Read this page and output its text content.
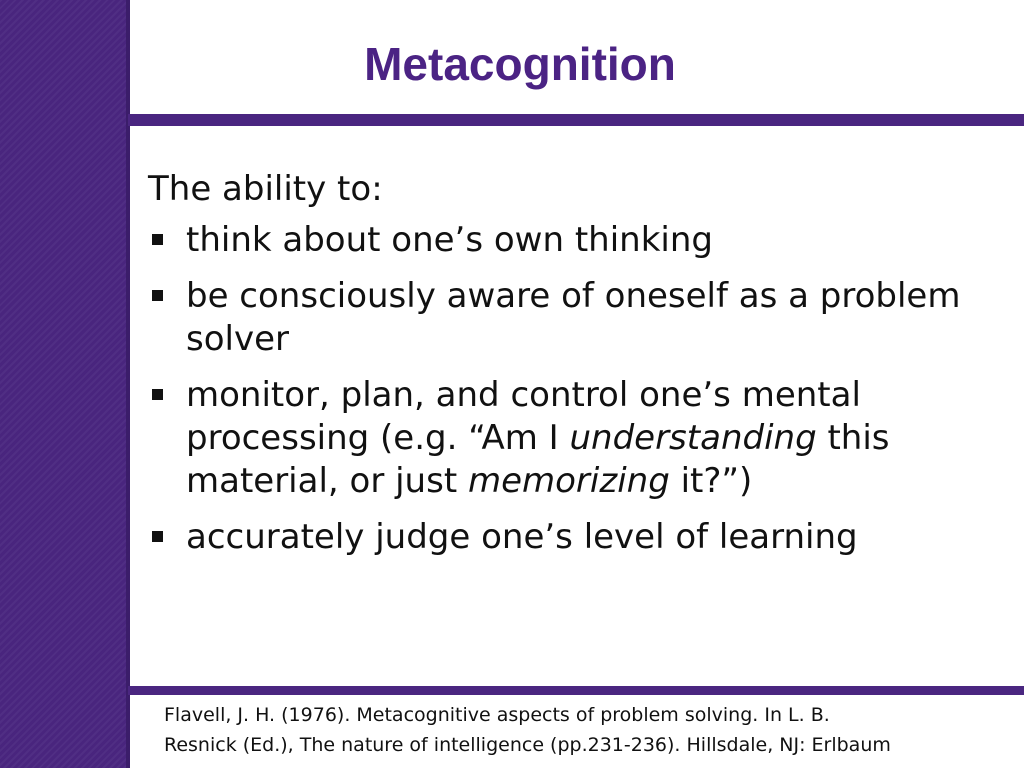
Metacognition

The ability to:

think about one’s own thinking
be consciously aware of oneself as a problem solver
monitor, plan, and control one’s mental processing (e.g. “Am I understanding this material, or just memorizing it?”)
accurately judge one’s level of learning
Flavell, J. H. (1976). Metacognitive aspects of problem solving. In L. B.
Resnick (Ed.), The nature of intelligence (pp.231-236). Hillsdale, NJ: Erlbaum
